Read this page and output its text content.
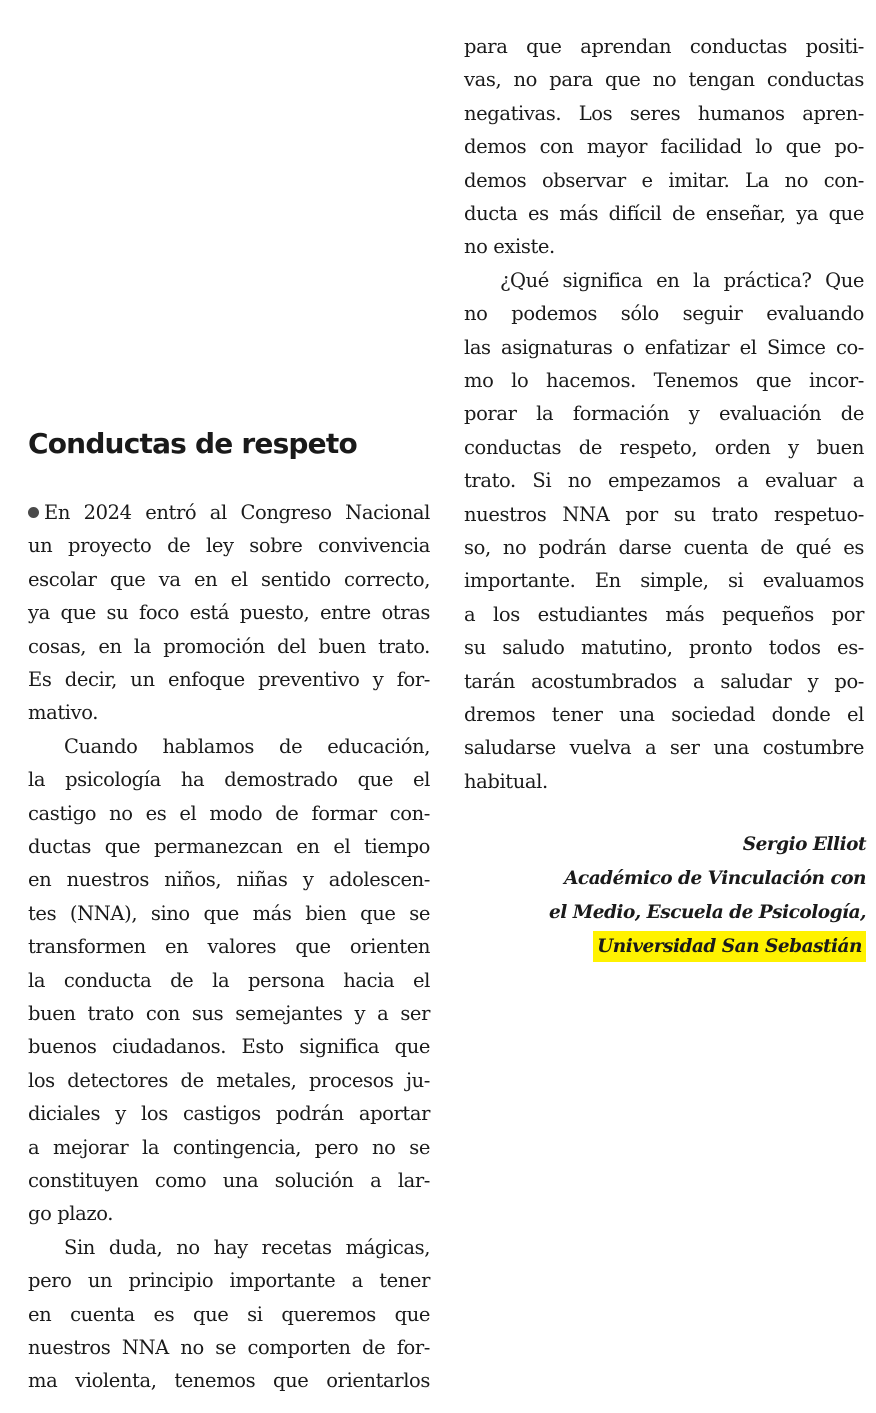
Conductas de respeto
En 2024 entró al Congreso Nacional
un proyecto de ley sobre convivencia
escolar que va en el sentido correcto,
ya que su foco está puesto, entre otras
cosas, en la promoción del buen trato.
Es decir, un enfoque preventivo y for-
mativo.
Cuando hablamos de educación,
la psicología ha demostrado que el
castigo no es el modo de formar con-
ductas que permanezcan en el tiempo
en nuestros niños, niñas y adolescen-
tes (NNA), sino que más bien que se
transformen en valores que orienten
la conducta de la persona hacia el
buen trato con sus semejantes y a ser
buenos ciudadanos. Esto significa que
los detectores de metales, procesos ju-
diciales y los castigos podrán aportar
a mejorar la contingencia, pero no se
constituyen como una solución a lar-
go plazo.
Sin duda, no hay recetas mágicas,
pero un principio importante a tener
en cuenta es que si queremos que
nuestros NNA no se comporten de for-
ma violenta, tenemos que orientarlos
para que aprendan conductas positi-
vas, no para que no tengan conductas
negativas. Los seres humanos apren-
demos con mayor facilidad lo que po-
demos observar e imitar. La no con-
ducta es más difícil de enseñar, ya que
no existe.
¿Qué significa en la práctica? Que
no podemos sólo seguir evaluando
las asignaturas o enfatizar el Simce co-
mo lo hacemos. Tenemos que incor-
porar la formación y evaluación de
conductas de respeto, orden y buen
trato. Si no empezamos a evaluar a
nuestros NNA por su trato respetuo-
so, no podrán darse cuenta de qué es
importante. En simple, si evaluamos
a los estudiantes más pequeños por
su saludo matutino, pronto todos es-
tarán acostumbrados a saludar y po-
dremos tener una sociedad donde el
saludarse vuelva a ser una costumbre
habitual.
Sergio Elliot
Académico de Vinculación con
el Medio, Escuela de Psicología,
Universidad San Sebastián
